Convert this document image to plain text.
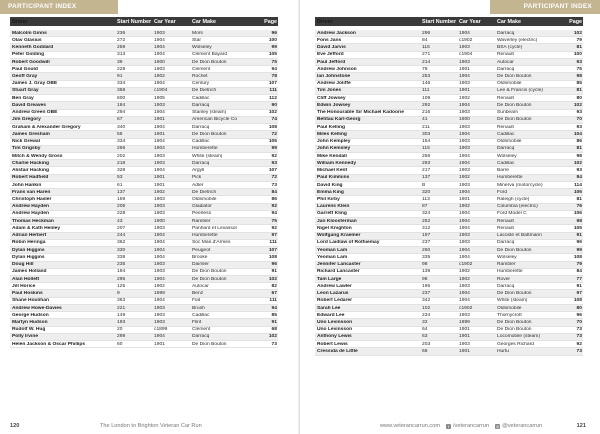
PARTICIPANT INDEX
Driver	Start Number Car Year	Car Make	Page
Malcolm Ginns	236	1903	Mors	96
Olav Glasius	272	1904	Star	100
Kenneth Goddard	259	1904	Wolseley	99
Peter Golding	313	1904	Clément Bayard	105
Robert Goodwill	39	1900	De Dion Bouton	75
Paul Gould	229	1903	Clément	94
Geoff Gray	91	1902	Rochet	78
James J. Gray OBE	334	1904	Century	107
Stuart Gray	358	c1904	De Dietrich	111
Ben Gray	600	1905	Cadillac	112
David Greaves	184	1903	Darracq	90
Andrew Green OBE	294	1904	Stanley (steam)	102
Jim Gregory	67	1901	American Bicycle Co	74
Graham & Alexander Gregory	340	1904	Darracq	108
James Gresham	55	1901	De Dion Bouton	72
Nick Grewal	334	1904	Cadillac	106
Tim Grigsby	266	1904	Humberette	99
Mitch & Wendy Gross	202	1903	White (steam)	92
Charlie Hacking	218	1903	Darracq	93
Alistair Hacking	328	1904	Argyll	107
Robert Hadfield	53	1901	Pick	72
John Hankin	61	1901	Adler	73
Frans van Haren	137	1902	De Dietrich	84
Christoph Hasler	159	1903	Oldsmobile	86
Andrew Hayden	205	1903	Gladiator	92
Andrew Hayden	228	1903	Peerless	94
Thomas Heckman	43	1900	Rambler	75
Adam & Kath Henley	207	1903	Panhard et Levassor	92
Adrian Herbert	244	1904	Humberette	97
Robin Heringa	362	1904	Soc Mari.d'Armes	111
Dylan Higgins	330	1904	Peugeot	107
Dylan Higgins	338	1904	Brooke	108
Doug Hill	235	1903	Daimler	96
James Holland	194	1903	De Dion Bouton	91
Alan Hollett	295	1904	De Dion Bouton	102
Jill Horice	125	1902	Autocar	82
Paul Hoskins	9	1899	Benz	67
Shane Houlihan	363	1904	Fiat	111
Andrew Howe-Davies	221	1903	Brush	94
George Hudson	149	1903	Cadillac	85
Martyn Hudson	193	1903	Flint	91
Rudolf W. Hug	20	c1899	Clément	68
Polly Irvine	298	1904	Darracq	102
Helen Jackson & Oscar Phillips	60	1901	De Dion Bouton	73
120	The London to Brighton Veteran Car Run
PARTICIPANT INDEX
Driver	Start Number Car Year	Car Make	Page
Andrew Jackson	296	1904	Darracq	102
Fons Jans	84	c1902	Waverley (electric)	79
David Jarvis	116	1903	BSA (cycle)	81
Eve Jefford	271	c1904	Renault	100
Paul Jefford	214	1903	Autocar	93
Andrew Johnson	78	1901	Darracq	75
Ian Johnstone	253	1904	De Dion Bouton	98
Andrew Joliffe	146	1903	Oldsmobile	85
Tim Jones	111	1901	Lee & Francis (cycle)	81
Cliff Jowsey	109	1902	Renault	80
Edwin Jowsey	292	1904	De Dion Bouton	102
The Honourable Sir Michael Kadoorie	216	1903	Sunbeam	93
Behtau Karl-Georg	41	1900	De Dion Bouton	70
Paul Kelling	211	1903	Renault	93
Miles Kelling	303	1904	Cadillac	104
John Kempley	154	1903	Oldsmobile	86
John Kemsley	115	1903	Darracq	81
Mike Kendall	256	1904	Wolseley	98
William Kennedy	293	1904	Cadillac	102
Michael Kent	217	1903	Barré	93
Paul Kimmins	137	1902	Humberette	84
David King	B	1903	Minerva (motorcycle)	114
Emma King	320	1904	Ford	106
Phil Kirby	113	1901	Raleigh (cycle)	81
Laurens Klein	87	1902	Columbia (electric)	76
Garrett Kling	324	1904	Ford Model C	106
Jan Kloosterman	252	1904	Renault	98
Nigel Knighton	312	1904	Renault	105
Wolfgang Kraemer	197	1903	Lacoste et Battmann	91
Lord Laidlaw of Rothiemay	237	1903	Darracq	96
Yeoman Lam	260	1904	De Dion Bouton	99
Yeoman Lam	335	1904	Wolseley	108
Jennifer Lancaster	98	c1902	Rambler	79
Richard Lancaster	139	1902	Humberette	84
Tam Large	96	1902	Rover	77
Andrew Lawler	195	1903	Darracq	91
Leon Lazarus	237	1904	De Dion Bouton	97
Robert Ledarer	342	1904	White (steam)	108
Sarah Lee	102	c1902	Oldsmobile	80
Edward Lee	234	1903	Thornycroft	96
Uno Levinsson	32	1899	De Dion Bouton	70
Uno Levinsson	64	1901	De Dion Bouton	73
Anthony Lewis	63	1901	Locomobile (steam)	73
Robert Lewis	203	1903	Georges Richard	92
Cressida de Little	66	1901	Hurtu	73
www.veterancarrun.com	f /veterancarrun ◎ @veterancarrun	121
